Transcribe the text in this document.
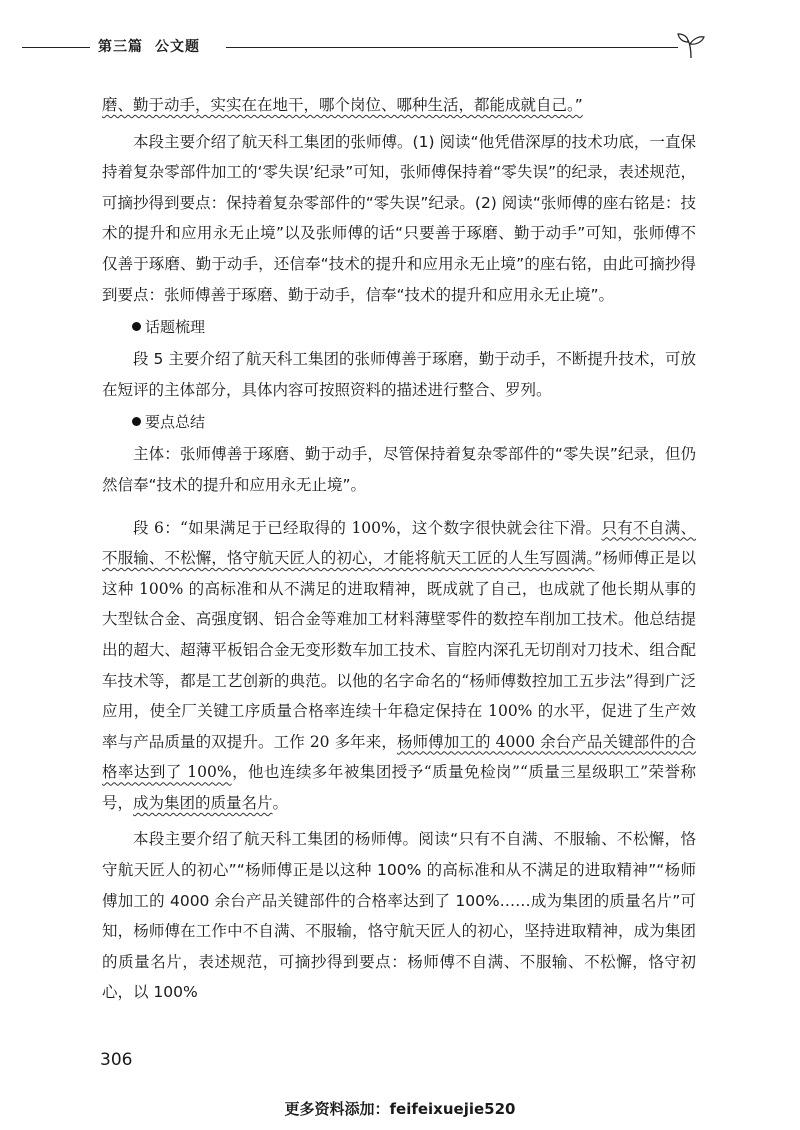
第三篇 公文题

磨、勤于动手，实实在在地干，哪个岗位、哪种生活，都能成就自己。”

本段主要介绍了航天科工集团的张师傅。(1) 阅读“他凭借深厚的技术功底，一直保持着复杂零部件加工的‘零失误’纪录”可知，张师傅保持着“零失误”的纪录，表述规范，可摘抄得到要点：保持着复杂零部件的“零失误”纪录。(2) 阅读“张师傅的座右铭是：技术的提升和应用永无止境”以及张师傅的话“只要善于琢磨、勤于动手”可知，张师傅不仅善于琢磨、勤于动手，还信奉“技术的提升和应用永无止境”的座右铭，由此可摘抄得到要点：张师傅善于琢磨、勤于动手，信奉“技术的提升和应用永无止境”。

话题梳理

段 5 主要介绍了航天科工集团的张师傅善于琢磨，勤于动手，不断提升技术，可放在短评的主体部分，具体内容可按照资料的描述进行整合、罗列。

要点总结

主体：张师傅善于琢磨、勤于动手，尽管保持着复杂零部件的“零失误”纪录，但仍然信奉“技术的提升和应用永无止境”。

段 6：“如果满足于已经取得的 100%，这个数字很快就会往下滑。只有不自满、不服输、不松懈，恪守航天匠人的初心，才能将航天工匠的人生写圆满。”杨师傅正是以这种 100% 的高标准和从不满足的进取精神，既成就了自己，也成就了他长期从事的大型钛合金、高强度钢、铝合金等难加工材料薄壁零件的数控车削加工技术。他总结提出的超大、超薄平板铝合金无变形数车加工技术、盲腔内深孔无切削对刀技术、组合配车技术等，都是工艺创新的典范。以他的名字命名的“杨师傅数控加工五步法”得到广泛应用，使全厂关键工序质量合格率连续十年稳定保持在 100% 的水平，促进了生产效率与产品质量的双提升。工作 20 多年来，杨师傅加工的 4000 余台产品关键部件的合格率达到了 100%，他也连续多年被集团授予“质量免检岗”“质量三星级职工”荣誉称号，成为集团的质量名片。

本段主要介绍了航天科工集团的杨师傅。阅读“只有不自满、不服输、不松懈，恪守航天匠人的初心”“杨师傅正是以这种 100% 的高标准和从不满足的进取精神”“杨师傅加工的 4000 余台产品关键部件的合格率达到了 100%……成为集团的质量名片”可知，杨师傅在工作中不自满、不服输，恪守航天匠人的初心，坚持进取精神，成为集团的质量名片，表述规范，可摘抄得到要点：杨师傅不自满、不服输、不松懈，恪守初心，以 100%

306
更多资料添加：feifeixuejie520
